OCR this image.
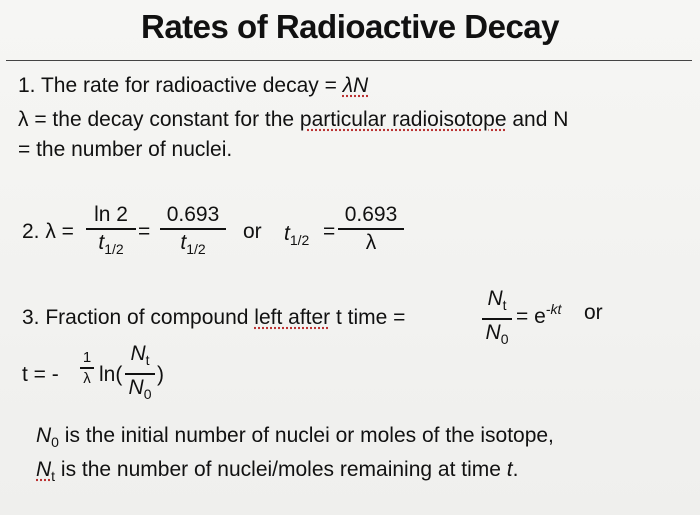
Rates of Radioactive Decay
1. The rate for radioactive decay = λN
λ = the decay constant for the particular radioisotope and N
= the number of nuclei.
2. λ =
ln 2
$t_{1/2}$
=
0.693
$t_{1/2}$
or $t_{1/2}$ =
0.693
λ
3. Fraction of compound left after t time =
$N_t$
$N_0$
= $e^{-kt}$ or
t = -
1
λ ln(
$N_t$
$N_0$
)
$N_0$ is the initial number of nuclei or moles of the isotope,
$N_t$ is the number of nuclei/moles remaining at time t.
